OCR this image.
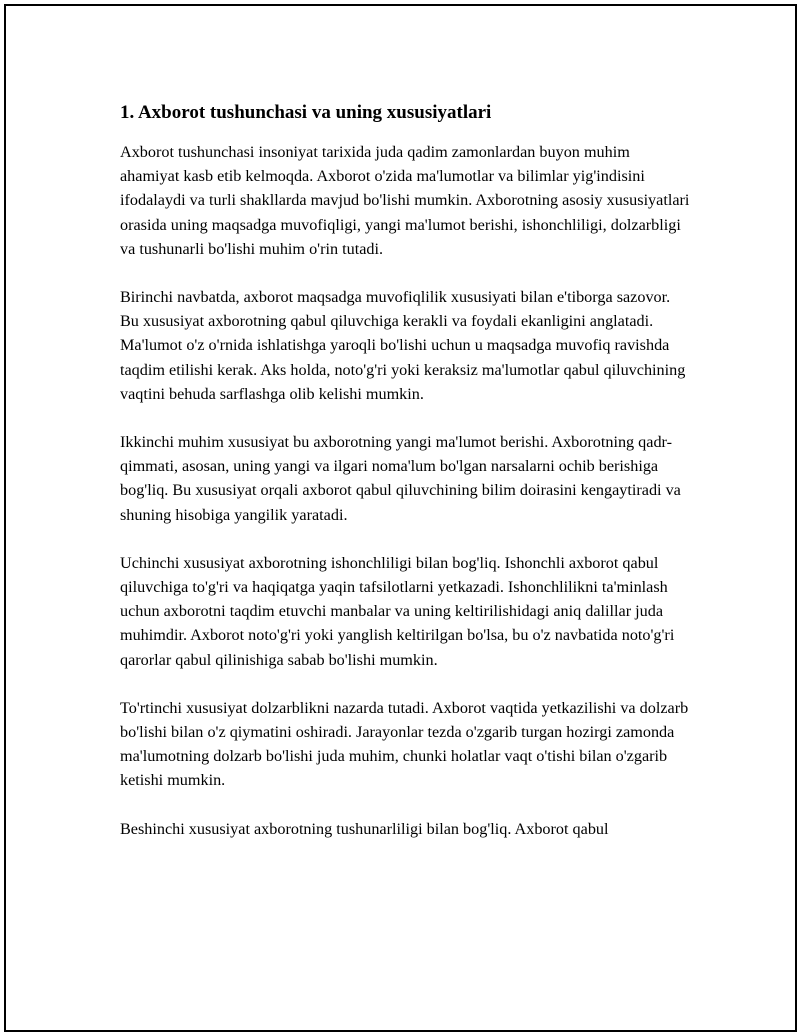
1. Axborot tushunchasi va uning xususiyatlari

Axborot tushunchasi insoniyat tarixida juda qadim zamonlardan buyon muhim ahamiyat kasb etib kelmoqda. Axborot o'zida ma'lumotlar va bilimlar yig'indisini ifodalaydi va turli shakllarda mavjud bo'lishi mumkin. Axborotning asosiy xususiyatlari orasida uning maqsadga muvofiqligi, yangi ma'lumot berishi, ishonchliligi, dolzarbligi va tushunarli bo'lishi muhim o'rin tutadi.

Birinchi navbatda, axborot maqsadga muvofiqlilik xususiyati bilan e'tiborga sazovor. Bu xususiyat axborotning qabul qiluvchiga kerakli va foydali ekanligini anglatadi. Ma'lumot o'z o'rnida ishlatishga yaroqli bo'lishi uchun u maqsadga muvofiq ravishda taqdim etilishi kerak. Aks holda, noto'g'ri yoki keraksiz ma'lumotlar qabul qiluvchining vaqtini behuda sarflashga olib kelishi mumkin.

Ikkinchi muhim xususiyat bu axborotning yangi ma'lumot berishi. Axborotning qadr-qimmati, asosan, uning yangi va ilgari noma'lum bo'lgan narsalarni ochib berishiga bog'liq. Bu xususiyat orqali axborot qabul qiluvchining bilim doirasini kengaytiradi va shuning hisobiga yangilik yaratadi.

Uchinchi xususiyat axborotning ishonchliligi bilan bog'liq. Ishonchli axborot qabul qiluvchiga to'g'ri va haqiqatga yaqin tafsilotlarni yetkazadi. Ishonchlilikni ta'minlash uchun axborotni taqdim etuvchi manbalar va uning keltirilishidagi aniq dalillar juda muhimdir. Axborot noto'g'ri yoki yanglish keltirilgan bo'lsa, bu o'z navbatida noto'g'ri qarorlar qabul qilinishiga sabab bo'lishi mumkin.

To'rtinchi xususiyat dolzarblikni nazarda tutadi. Axborot vaqtida yetkazilishi va dolzarb bo'lishi bilan o'z qiymatini oshiradi. Jarayonlar tezda o'zgarib turgan hozirgi zamonda ma'lumotning dolzarb bo'lishi juda muhim, chunki holatlar vaqt o'tishi bilan o'zgarib ketishi mumkin.

Beshinchi xususiyat axborotning tushunarliligi bilan bog'liq. Axborot qabul
